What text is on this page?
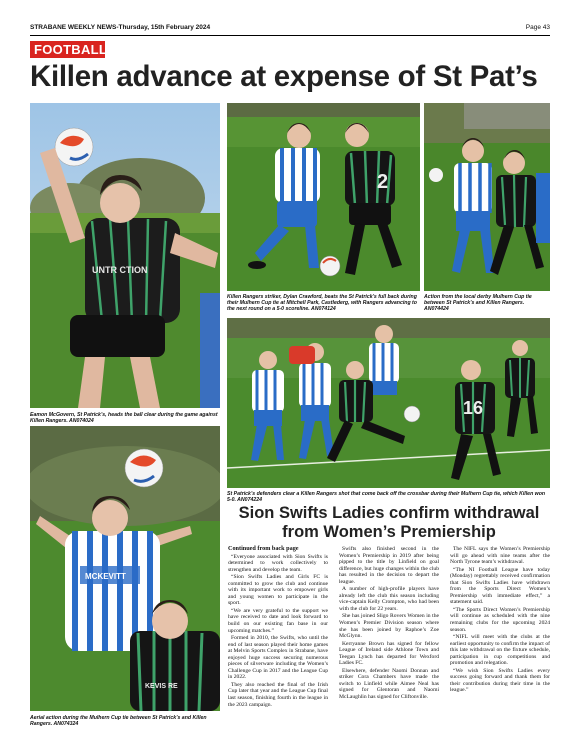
STRABANE WEEKLY NEWS-Thursday, 15th February 2024	Page 43
FOOTBALL
Killen advance at expense of St Pat’s
UNTR CTION
Eamon McGovern, St Patrick’s, heads the ball clear during the game against Killen Rangers. AN074024
2
Killen Rangers striker, Dylan Crawford, beats the St Patrick’s full back during their Mulhern Cup tie at Mitchell Park, Castlederg, with Rangers advancing to the next round on a 5-0 scoreline. AN074124
Action from the local derby Mulhern Cup tie between St Patrick’s and Killen Rangers. AN074424
16
St Patrick’s defenders clear a Killen Rangers shot that come back off the crossbar during their Mulhern Cup tie, which Killen won 5-0. AN074224
MCKEVITT
KEVIS RE
Aerial action during the Mulhern Cup tie between St Patrick’s and Killen Rangers. AN074324
Sion Swifts Ladies confirm withdrawal from Women’s Premiership

Continued from back page

“Everyone associated with Sion Swifts is determined to work collectively to strengthen and develop the team.

“Sion Swifts Ladies and Girls FC is committed to grow the club and continue with its important work to empower girls and young women to participate in the sport.

“We are very grateful to the support we have received to date and look forward to build on our existing fan base in our upcoming matches.”

Formed in 2010, the Swifts, who until the end of last season played their home games at Melvin Sports Complex in Strabane, have enjoyed huge success securing numerous pieces of silverware including the Women’s Challenge Cup in 2017 and the League Cup in 2022.

They also reached the final of the Irish Cup later that year and the League Cup final last season, finishing fourth in the league in the 2023 campaign.

Swifts also finished second in the Women’s Premiership in 2019 after being pipped to the title by Linfield on goal difference, but huge changes within the club has resulted in the decision to depart the league.

A number of high-profile players have already left the club this season including vice-captain Kelly Crompton, who had been with the club for 22 years.

She has joined Sligo Rovers Women in the Women’s Premier Division season where she has been joined by Raphoe’s Zoe McGlynn.

Kerryanne Brown has signed for fellow League of Ireland side Athlone Town and Teegan Lynch has departed for Wexford Ladies FC.

Elsewhere, defender Naomi Donnan and striker Cora Chambers have made the switch to Linfield while Aimee Neal has signed for Glentoran and Naomi McLaughlin has signed for Cliftonville.

The NIFL says the Women’s Premiership will go ahead with nine teams after the North Tyrone team’s withdrawal.

“The NI Football League have today (Monday) regrettably received confirmation that Sion Swifts Ladies have withdrawn from the Sports Direct Women’s Premiership with immediate effect,” a statement said.

“The Sports Direct Women’s Premiership will continue as scheduled with the nine remaining clubs for the upcoming 2024 season.

“NIFL will meet with the clubs at the earliest opportunity to confirm the impact of this late withdrawal on the fixture schedule, participation in cup competitions and promotion and relegation.

“We wish Sion Swifts Ladies every success going forward and thank them for their contribution during their time in the league.”
